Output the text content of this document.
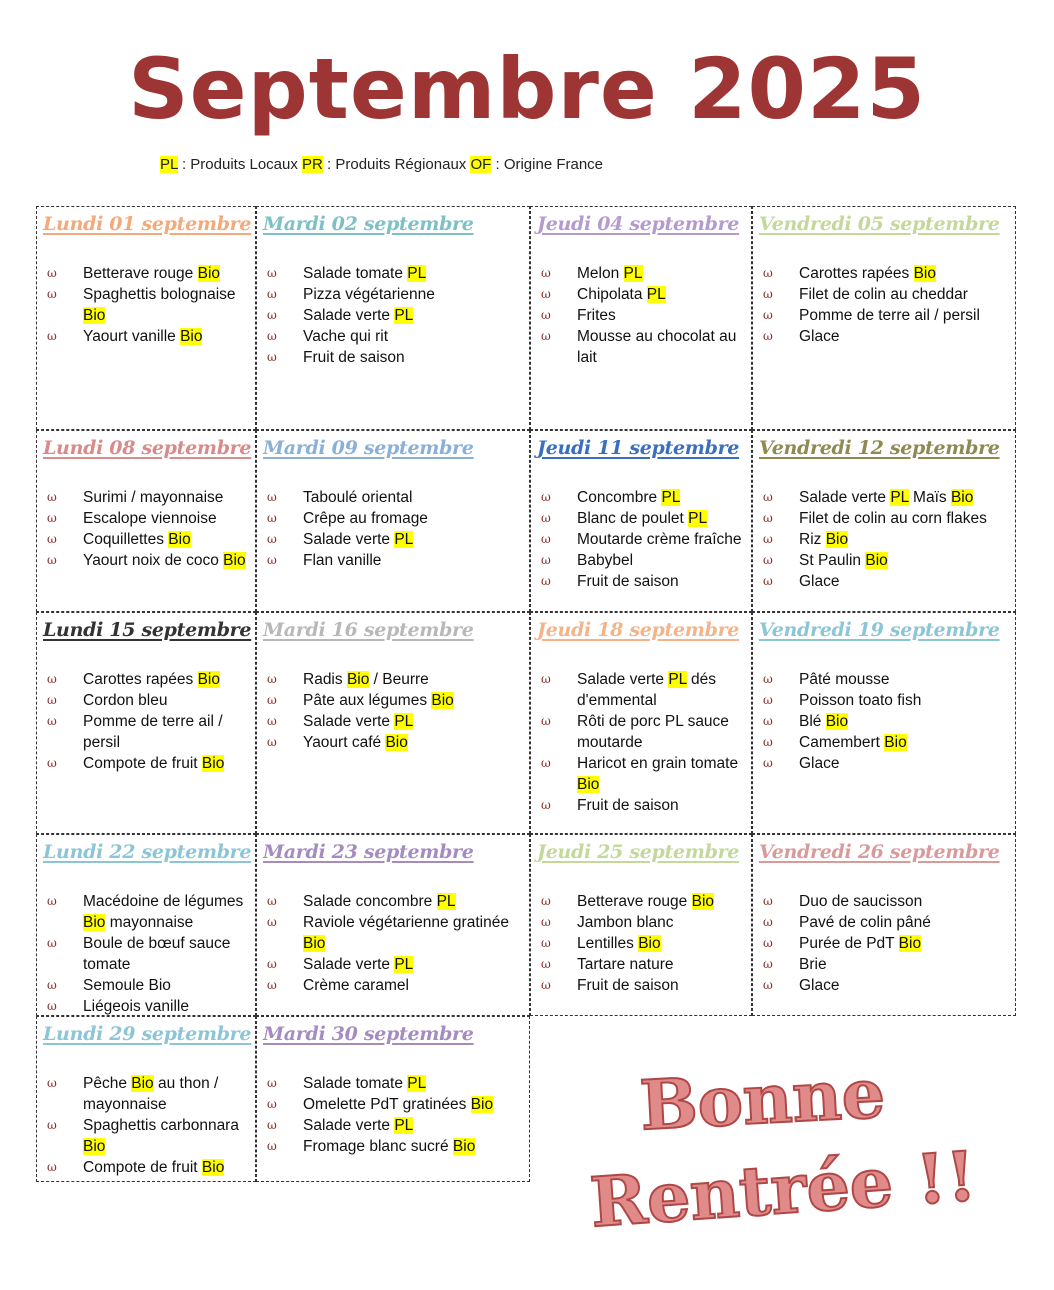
Septembre 2025
PL : Produits Locaux PR : Produits Régionaux OF : Origine France
Lundi 01 septembre
ω Betterave rouge Bio
ω Spaghettis bolognaise Bio
ω Yaourt vanille Bio
Mardi 02 septembre
ω Salade tomate PL
ω Pizza végétarienne
ω Salade verte PL
ω Vache qui rit
ω Fruit de saison
Jeudi 04 septembre
ω Melon PL
ω Chipolata PL
ω Frites
ω Mousse au chocolat au lait
Vendredi 05 septembre
ω Carottes rapées Bio
ω Filet de colin au cheddar
ω Pomme de terre ail / persil
ω Glace
Lundi 08 septembre
ω Surimi / mayonnaise
ω Escalope viennoise
ω Coquillettes Bio
ω Yaourt noix de coco Bio
Mardi 09 septembre
ω Taboulé oriental
ω Crêpe au fromage
ω Salade verte PL
ω Flan vanille
Jeudi 11 septembre
ω Concombre PL
ω Blanc de poulet PL
ω Moutarde crème fraîche
ω Babybel
ω Fruit de saison
Vendredi 12 septembre
ω Salade verte PL Maïs Bio
ω Filet de colin au corn flakes
ω Riz Bio
ω St Paulin Bio
ω Glace
Lundi 15 septembre
ω Carottes rapées Bio
ω Cordon bleu
ω Pomme de terre ail / persil
ω Compote de fruit Bio
Mardi 16 septembre
ω Radis Bio / Beurre
ω Pâte aux légumes Bio
ω Salade verte PL
ω Yaourt café Bio
Jeudi 18 septembre
ω Salade verte PL dés d'emmental
ω Rôti de porc PL sauce moutarde
ω Haricot en grain tomate Bio
ω Fruit de saison
Vendredi 19 septembre
ω Pâté mousse
ω Poisson toato fish
ω Blé Bio
ω Camembert Bio
ω Glace
Lundi 22 septembre
ω Macédoine de légumes Bio mayonnaise
ω Boule de bœuf sauce tomate
ω Semoule Bio
ω Liégeois vanille
Mardi 23 septembre
ω Salade concombre PL
ω Raviole végétarienne gratinée Bio
ω Salade verte PL
ω Crème caramel
Jeudi 25 septembre
ω Betterave rouge Bio
ω Jambon blanc
ω Lentilles Bio
ω Tartare nature
ω Fruit de saison
Vendredi 26 septembre
ω Duo de saucisson
ω Pavé de colin pâné
ω Purée de PdT Bio
ω Brie
ω Glace
Lundi 29 septembre
ω Pêche Bio au thon / mayonnaise
ω Spaghettis carbonnara Bio
ω Compote de fruit Bio
Mardi 30 septembre
ω Salade tomate PL
ω Omelette PdT gratinées Bio
ω Salade verte PL
ω Fromage blanc sucré Bio
Bonne
Rentrée !!
